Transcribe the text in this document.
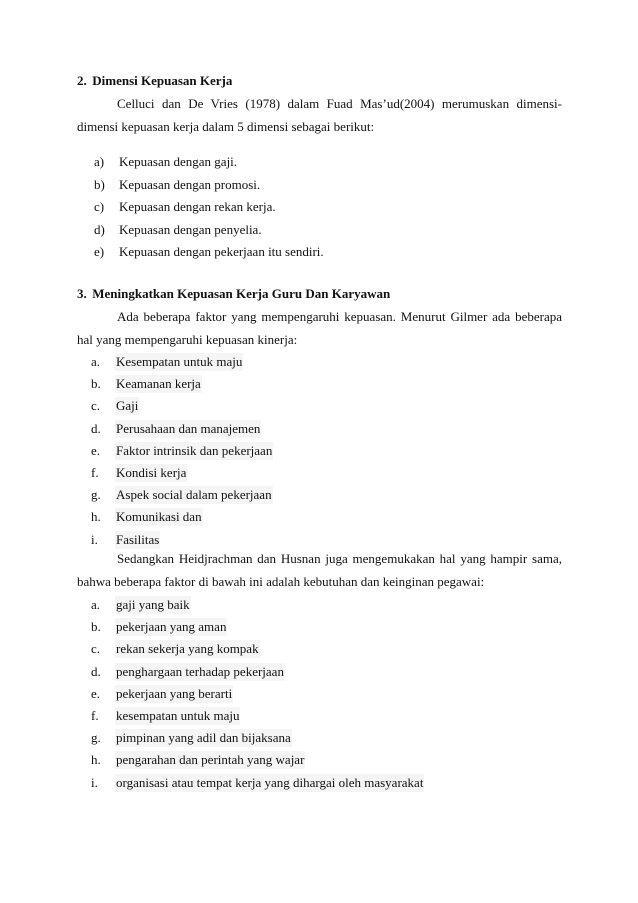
2. Dimensi Kepuasan Kerja
Celluci dan De Vries (1978) dalam Fuad Mas’ud(2004) merumuskan dimensi-dimensi kepuasan kerja dalam 5 dimensi sebagai berikut:
a) Kepuasan dengan gaji.
b) Kepuasan dengan promosi.
c) Kepuasan dengan rekan kerja.
d) Kepuasan dengan penyelia.
e) Kepuasan dengan pekerjaan itu sendiri.
3. Meningkatkan Kepuasan Kerja Guru Dan Karyawan
Ada beberapa faktor yang mempengaruhi kepuasan. Menurut Gilmer ada beberapa hal yang mempengaruhi kepuasan kinerja:
a. Kesempatan untuk maju
b. Keamanan kerja
c. Gaji
d. Perusahaan dan manajemen
e. Faktor intrinsik dan pekerjaan
f. Kondisi kerja
g. Aspek social dalam pekerjaan
h. Komunikasi dan
i. Fasilitas
Sedangkan Heidjrachman dan Husnan juga mengemukakan hal yang hampir sama, bahwa beberapa faktor di bawah ini adalah kebutuhan dan keinginan pegawai:
a. gaji yang baik
b. pekerjaan yang aman
c. rekan sekerja yang kompak
d. penghargaan terhadap pekerjaan
e. pekerjaan yang berarti
f. kesempatan untuk maju
g. pimpinan yang adil dan bijaksana
h. pengarahan dan perintah yang wajar
i. organisasi atau tempat kerja yang dihargai oleh masyarakat
